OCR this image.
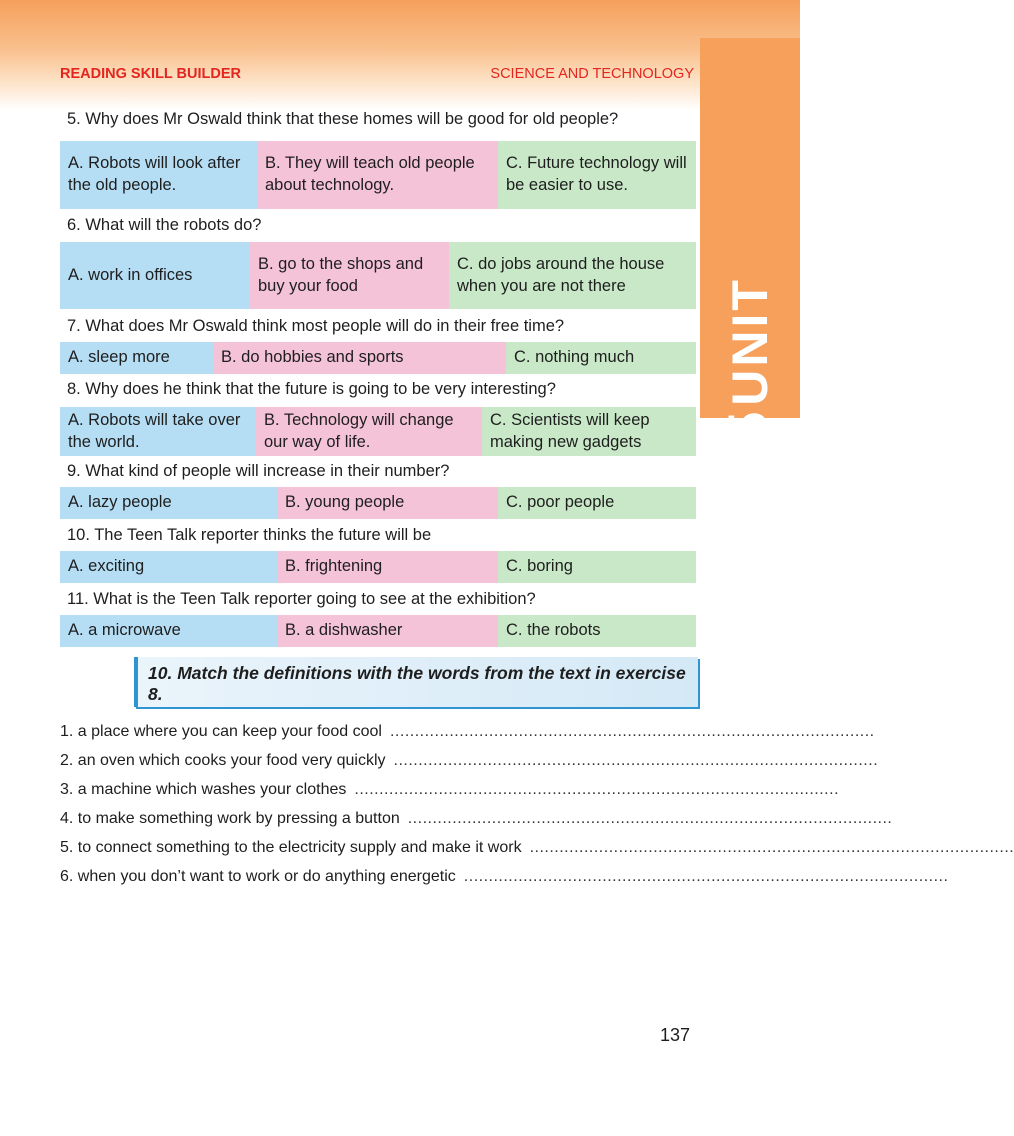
5UNIT
READING SKILL BUILDER	SCIENCE AND TECHNOLOGY
5. Why does Mr Oswald think that these homes will be good for old people?
A. Robots will look after the old people.
B. They will teach old people about technology.
C. Future technology will be easier to use.
6. What will the robots do?
A. work in offices
B. go to the shops and buy your food
C. do jobs around the house when you are not there
7. What does Mr Oswald think most people will do in their free time?
A. sleep more	B. do hobbies and sports	C. nothing much
8. Why does he think that the future is going to be very interesting?
A. Robots will take over the world.
B. Technology will change our way of life.
C. Scientists will keep making new gadgets
9. What kind of people will increase in their number?
A. lazy people	B. young people	C. poor people
10. The Teen Talk reporter thinks the future will be
A. exciting	B. frightening	C. boring
11. What is the Teen Talk reporter going to see at the exhibition?
A. a microwave	B. a dishwasher	C. the robots
10. Match the definitions with the words from the text in exercise 8.
1. a place where you can keep your food cool ..................................................................................................
2. an oven which cooks your food very quickly ..................................................................................................
3. a machine which washes your clothes ..................................................................................................
4. to make something work by pressing a button ..................................................................................................
5. to connect something to the electricity supply and make it work ..................................................................................................
6. when you don’t want to work or do anything energetic ..................................................................................................
137
